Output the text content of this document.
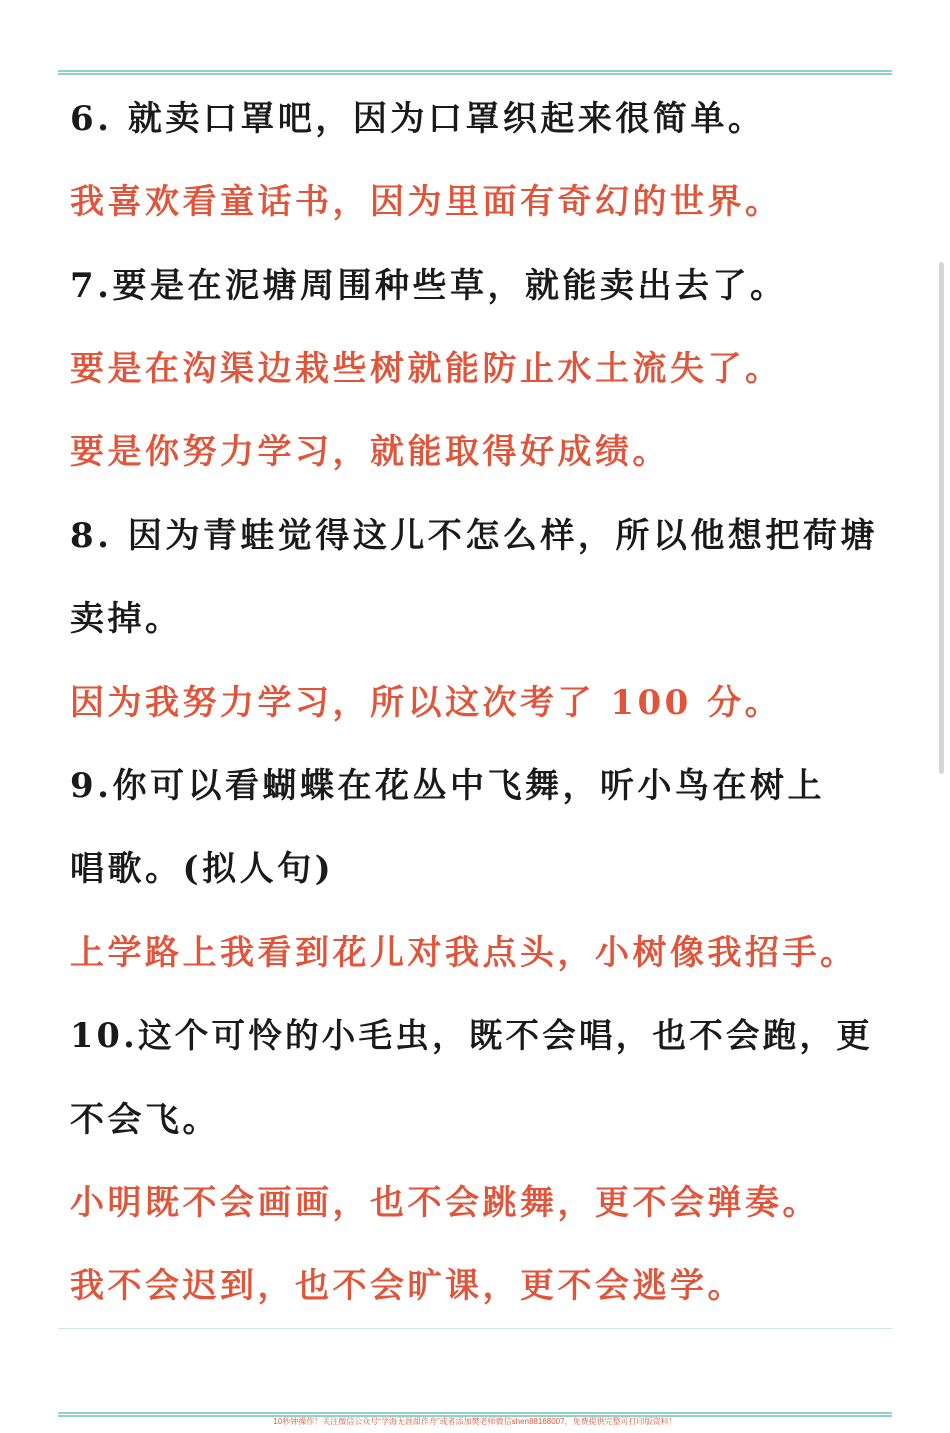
6. 就卖口罩吧，因为口罩织起来很简单。
我喜欢看童话书，因为里面有奇幻的世界。
7.要是在泥塘周围种些草，就能卖出去了。
要是在沟渠边栽些树就能防止水土流失了。
要是你努力学习，就能取得好成绩。
8. 因为青蛙觉得这儿不怎么样，所以他想把荷塘
卖掉。
因为我努力学习，所以这次考了 100 分。
9.你可以看蝴蝶在花丛中飞舞，听小鸟在树上
唱歌。(拟人句)
上学路上我看到花儿对我点头，小树像我招手。
10.这个可怜的小毛虫，既不会唱，也不会跑，更
不会飞。
小明既不会画画，也不会跳舞，更不会弹奏。
我不会迟到，也不会旷课，更不会逃学。
10秒钟操作！关注微信公众号“学海无涯甜作舟”或者添加樊老师微信shen88168007，免费提供完整可打印版资料！
